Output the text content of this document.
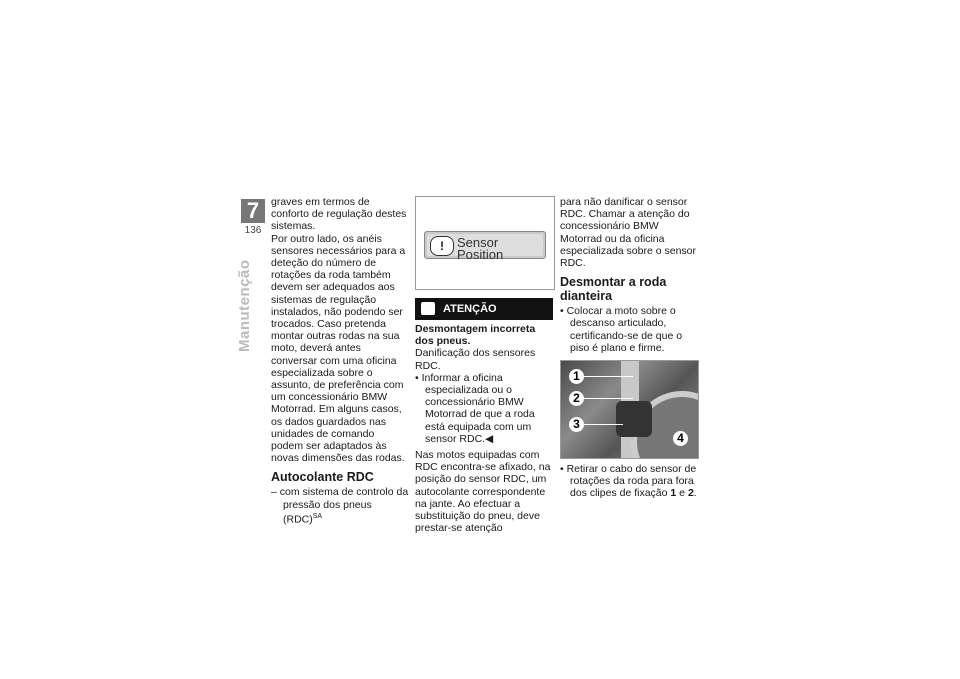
7
136
Manutenção

graves em termos de conforto de regulação destes sistemas.

Por outro lado, os anéis sensores necessários para a deteção do número de rotações da roda também devem ser adequados aos sistemas de regulação instalados, não podendo ser trocados. Caso pretenda montar outras rodas na sua moto, deverá antes conversar com uma oficina especializada sobre o assunto, de preferência com um concessionário BMW Motorrad. Em alguns casos, os dados guardados nas unidades de comando podem ser adaptados às novas dimensões das rodas.

Autocolante RDC

– com sistema de controlo da pressão dos pneus (RDC)$^{SA}$

!	Sensor Position
ATENÇÃO

Desmontagem incorreta dos pneus.

Danificação dos sensores RDC.

• Informar a oficina especializada ou o concessionário BMW Motorrad de que a roda está equipada com um sensor RDC.◀

Nas motos equipadas com RDC encontra-se afixado, na posição do sensor RDC, um autocolante correspondente na jante. Ao efectuar a substituição do pneu, deve prestar-se atenção

para não danificar o sensor RDC. Chamar a atenção do concessionário BMW Motorrad ou da oficina especializada sobre o sensor RDC.

Desmontar a roda dianteira

• Colocar a moto sobre o descanso articulado, certificando-se de que o piso é plano e firme.

1
2
3
4

• Retirar o cabo do sensor de rotações da roda para fora dos clipes de fixação 1 e 2.
